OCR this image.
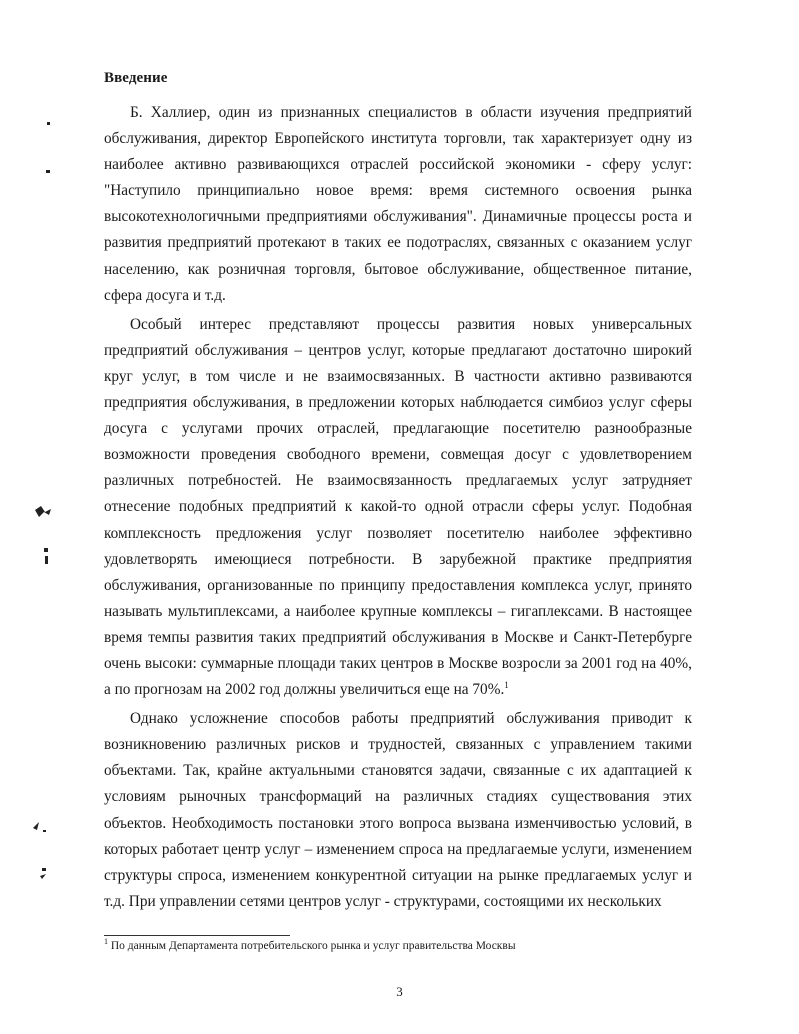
Введение

Б. Халлиер, один из признанных специалистов в области изучения предприятий обслуживания, директор Европейского института торговли, так характеризует одну из наиболее активно развивающихся отраслей российской экономики - сферу услуг: "Наступило принципиально новое время: время системного освоения рынка высокотехнологичными предприятиями обслуживания". Динамичные процессы роста и развития предприятий протекают в таких ее подотраслях, связанных с оказанием услуг населению, как розничная торговля, бытовое обслуживание, общественное питание, сфера досуга и т.д.

Особый интерес представляют процессы развития новых универсальных предприятий обслуживания – центров услуг, которые предлагают достаточно широкий круг услуг, в том числе и не взаимосвязанных. В частности активно развиваются предприятия обслуживания, в предложении которых наблюдается симбиоз услуг сферы досуга с услугами прочих отраслей, предлагающие посетителю разнообразные возможности проведения свободного времени, совмещая досуг с удовлетворением различных потребностей. Не взаимосвязанность предлагаемых услуг затрудняет отнесение подобных предприятий к какой-то одной отрасли сферы услуг. Подобная комплексность предложения услуг позволяет посетителю наиболее эффективно удовлетворять имеющиеся потребности. В зарубежной практике предприятия обслуживания, организованные по принципу предоставления комплекса услуг, принято называть мультиплексами, а наиболее крупные комплексы – гигаплексами. В настоящее время темпы развития таких предприятий обслуживания в Москве и Санкт-Петербурге очень высоки: суммарные площади таких центров в Москве возросли за 2001 год на 40%, а по прогнозам на 2002 год должны увеличиться еще на 70%.$^1$

Однако усложнение способов работы предприятий обслуживания приводит к возникновению различных рисков и трудностей, связанных с управлением такими объектами. Так, крайне актуальными становятся задачи, связанные с их адаптацией к условиям рыночных трансформаций на различных стадиях существования этих объектов. Необходимость постановки этого вопроса вызвана изменчивостью условий, в которых работает центр услуг – изменением спроса на предлагаемые услуги, изменением структуры спроса, изменением конкурентной ситуации на рынке предлагаемых услуг и т.д. При управлении сетями центров услуг - структурами, состоящими их нескольких

$^1$ По данным Департамента потребительского рынка и услуг правительства Москвы
3
